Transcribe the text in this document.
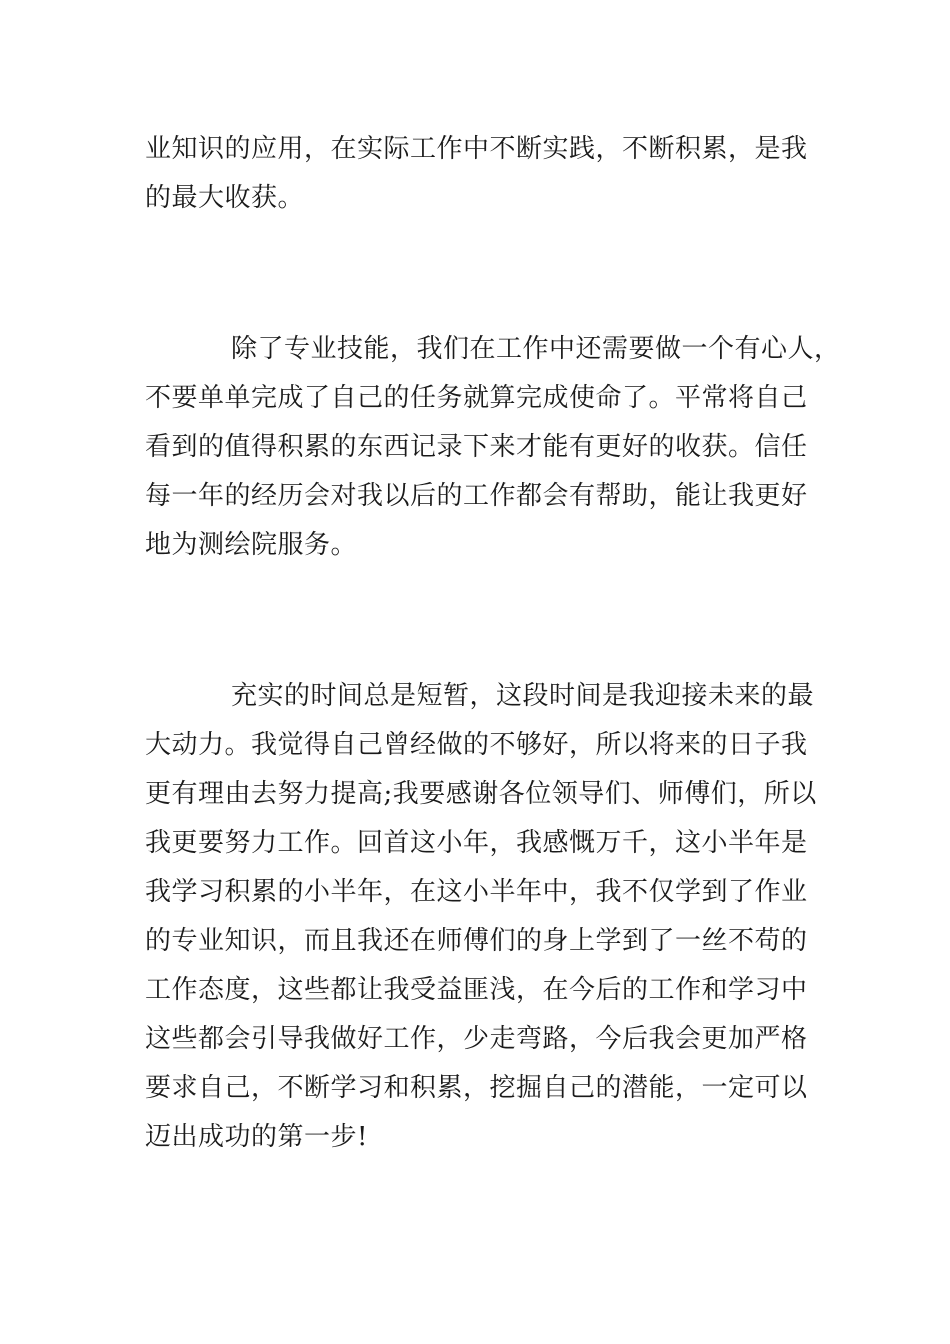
业知识的应用，在实际工作中不断实践，不断积累，是我
的最大收获。
除了专业技能，我们在工作中还需要做一个有心人，
不要单单完成了自己的任务就算完成使命了。平常将自己
看到的值得积累的东西记录下来才能有更好的收获。信任
每一年的经历会对我以后的工作都会有帮助，能让我更好
地为测绘院服务。
充实的时间总是短暂，这段时间是我迎接未来的最
大动力。我觉得自己曾经做的不够好，所以将来的日子我
更有理由去努力提高;我要感谢各位领导们、师傅们，所以
我更要努力工作。回首这小年，我感慨万千，这小半年是
我学习积累的小半年，在这小半年中，我不仅学到了作业
的专业知识，而且我还在师傅们的身上学到了一丝不苟的
工作态度，这些都让我受益匪浅，在今后的工作和学习中
这些都会引导我做好工作，少走弯路，今后我会更加严格
要求自己，不断学习和积累，挖掘自己的潜能，一定可以
迈出成功的第一步!
